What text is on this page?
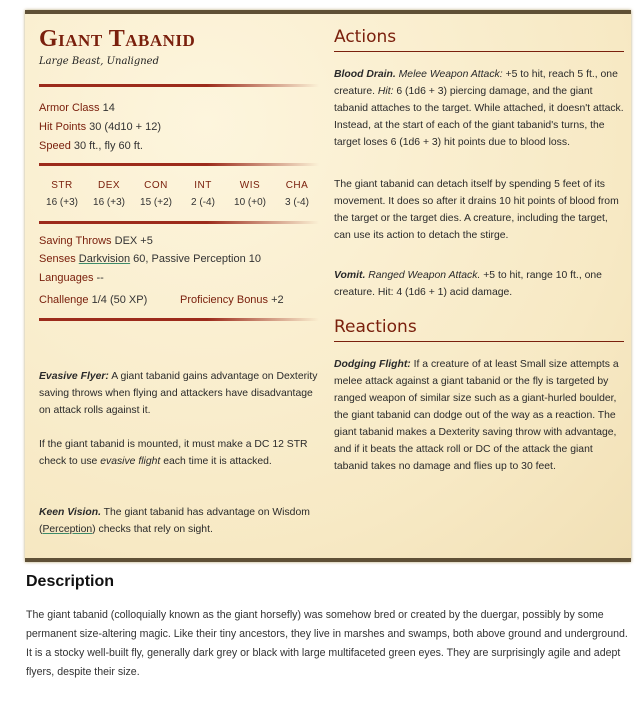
Giant Tabanid
Large Beast, Unaligned
Armor Class 14
Hit Points 30 (4d10 + 12)
Speed 30 ft., fly 60 ft.
STR	DEX	CON	INT	WIS	CHA
16 (+3)	16 (+3)	15 (+2)	2 (-4)	10 (+0)	3 (-4)
Saving Throws DEX +5
Senses Darkvision 60, Passive Perception 10
Languages --
Challenge 1/4 (50 XP)	Proficiency Bonus +2
Evasive Flyer: A giant tabanid gains advantage on Dexterity saving throws when flying and attackers have disadvantage on attack rolls against it.
If the giant tabanid is mounted, it must make a DC 12 STR check to use evasive flight each time it is attacked.
Keen Vision. The giant tabanid has advantage on Wisdom (Perception) checks that rely on sight.
Actions
Blood Drain. Melee Weapon Attack: +5 to hit, reach 5 ft., one creature. Hit: 6 (1d6 + 3) piercing damage, and the giant tabanid attaches to the target. While attached, it doesn't attack. Instead, at the start of each of the giant tabanid's turns, the target loses 6 (1d6 + 3) hit points due to blood loss.
The giant tabanid can detach itself by spending 5 feet of its movement. It does so after it drains 10 hit points of blood from the target or the target dies. A creature, including the target, can use its action to detach the stirge.
Vomit. Ranged Weapon Attack. +5 to hit, range 10 ft., one creature. Hit: 4 (1d6 + 1) acid damage.
Reactions
Dodging Flight: If a creature of at least Small size attempts a melee attack against a giant tabanid or the fly is targeted by ranged weapon of similar size such as a giant-hurled boulder, the giant tabanid can dodge out of the way as a reaction. The giant tabanid makes a Dexterity saving throw with advantage, and if it beats the attack roll or DC of the attack the giant tabanid takes no damage and flies up to 30 feet.
Description
The giant tabanid (colloquially known as the giant horsefly) was somehow bred or created by the duergar, possibly by some permanent size-altering magic. Like their tiny ancestors, they live in marshes and swamps, both above ground and underground. It is a stocky well-built fly, generally dark grey or black with large multifaceted green eyes. They are surprisingly agile and adept flyers, despite their size.
